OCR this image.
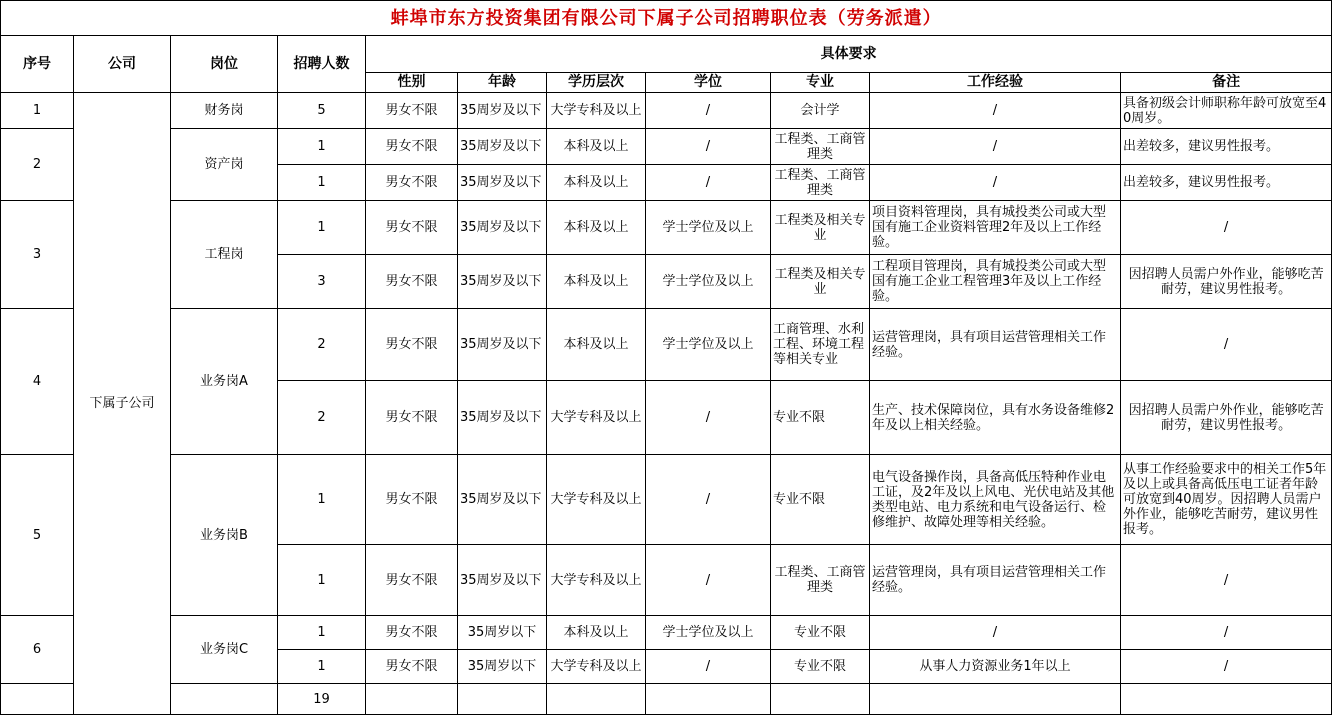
蚌埠市东方投资集团有限公司下属子公司招聘职位表（劳务派遣）										
序号	公司	岗位	招聘人数	具体要求						
				性别	年龄	学历层次	学位	专业	工作经验	备注
1	下属子公司	财务岗	5	男女不限	35周岁及以下	大学专科及以上	/	会计学	/	具备初级会计师职称年龄可放宽至40周岁。
2		资产岗	1	男女不限	35周岁及以下	本科及以上	/	工程类、工商管理类	/	出差较多，建议男性报考。
			1	男女不限	35周岁及以下	本科及以上	/	工程类、工商管理类	/	出差较多，建议男性报考。
3		工程岗	1	男女不限	35周岁及以下	本科及以上	学士学位及以上	工程类及相关专业	项目资料管理岗，具有城投类公司或大型国有施工企业资料管理2年及以上工作经验。	/
			3	男女不限	35周岁及以下	本科及以上	学士学位及以上	工程类及相关专业	工程项目管理岗，具有城投类公司或大型国有施工企业工程管理3年及以上工作经验。	因招聘人员需户外作业，能够吃苦耐劳，建议男性报考。
4		业务岗A	2	男女不限	35周岁及以下	本科及以上	学士学位及以上	工商管理、水利工程、环境工程等相关专业	运营管理岗，具有项目运营管理相关工作经验。	/
			2	男女不限	35周岁及以下	大学专科及以上	/	专业不限	生产、技术保障岗位，具有水务设备维修2年及以上相关经验。	因招聘人员需户外作业，能够吃苦耐劳，建议男性报考。
5		业务岗B	1	男女不限	35周岁及以下	大学专科及以上	/	专业不限	电气设备操作岗，具备高低压特种作业电工证，及2年及以上风电、光伏电站及其他类型电站、电力系统和电气设备运行、检修维护、故障处理等相关经验。	从事工作经验要求中的相关工作5年及以上或具备高低压电工证者年龄可放宽到40周岁。因招聘人员需户外作业，能够吃苦耐劳，建议男性报考。
			1	男女不限	35周岁及以下	大学专科及以上	/	工程类、工商管理类	运营管理岗，具有项目运营管理相关工作经验。	/
6		业务岗C	1	男女不限	35周岁以下	本科及以上	学士学位及以上	专业不限	/	/
			1	男女不限	35周岁以下	大学专科及以上	/	专业不限	从事人力资源业务1年以上	/
			19							
